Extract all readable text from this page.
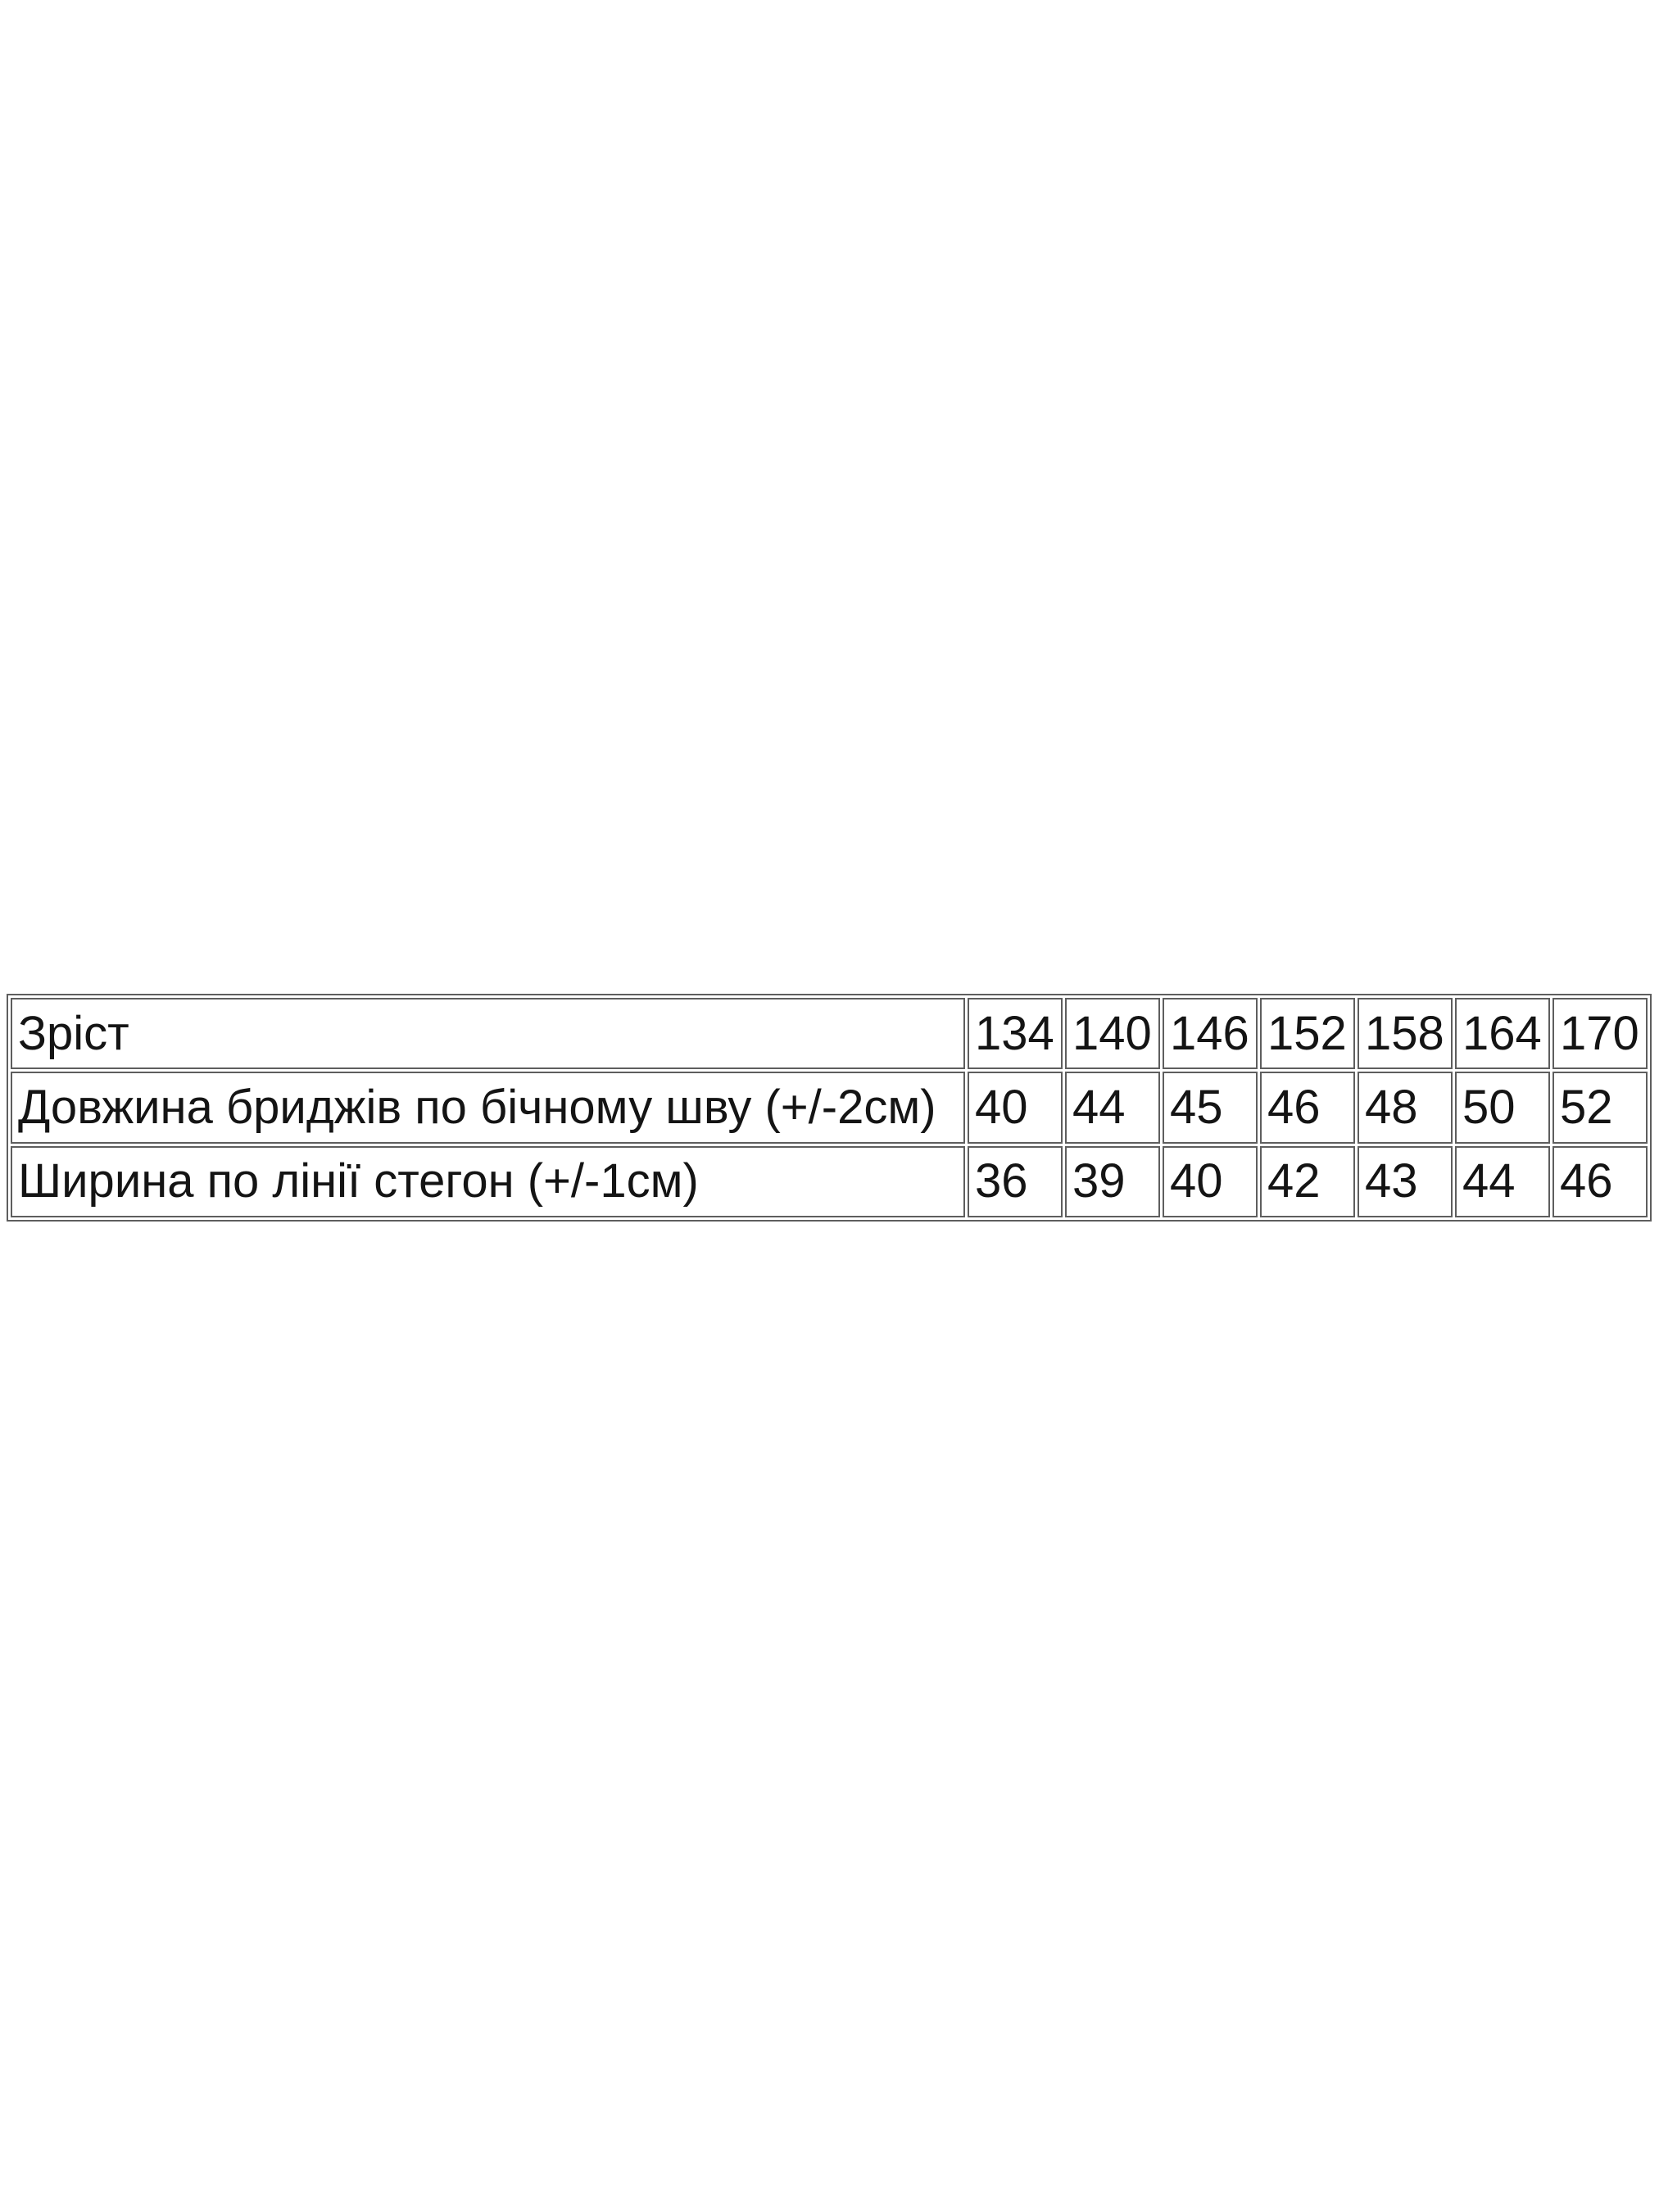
Зріст	134	140	146	152	158	164	170
Довжина бриджів по бічному шву (+/-2см)	40	44	45	46	48	50	52
Ширина по лінії стегон (+/-1см)	36	39	40	42	43	44	46
